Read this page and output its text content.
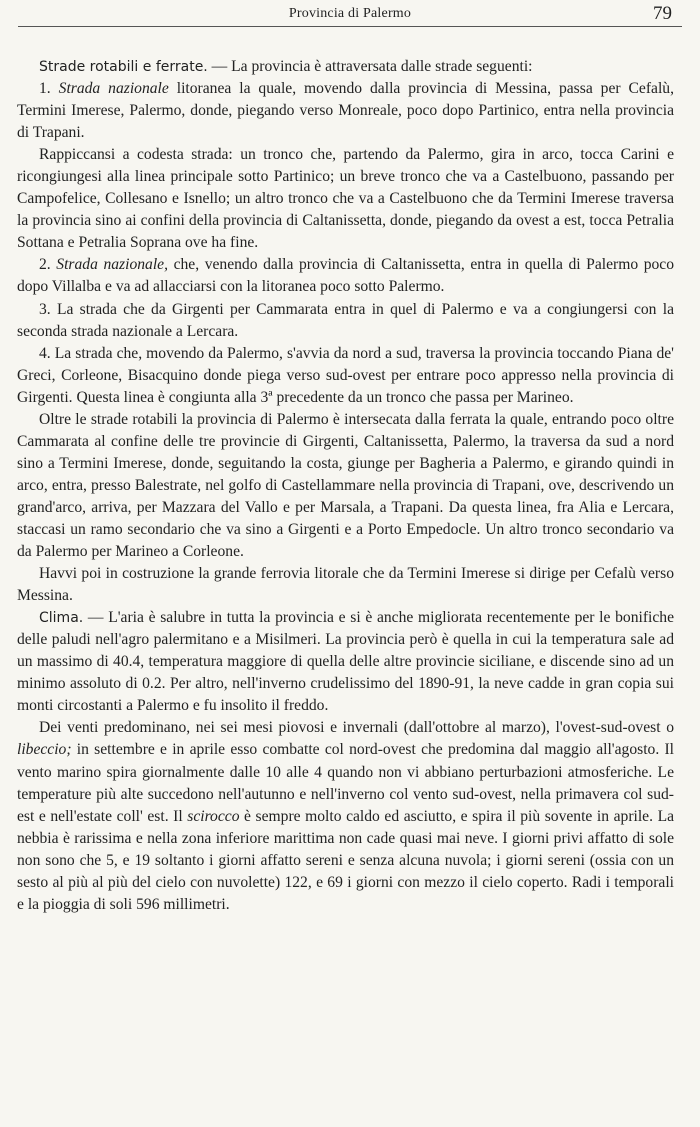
Provincia di Palermo	79

Strade rotabili e ferrate. — La provincia è attraversata dalle strade seguenti:

1. Strada nazionale litoranea la quale, movendo dalla provincia di Messina, passa per Cefalù, Termini Imerese, Palermo, donde, piegando verso Monreale, poco dopo Partinico, entra nella provincia di Trapani.

Rappiccansi a codesta strada: un tronco che, partendo da Palermo, gira in arco, tocca Carini e ricongiungesi alla linea principale sotto Partinico; un breve tronco che va a Castelbuono, passando per Campofelice, Collesano e Isnello; un altro tronco che va a Castelbuono che da Termini Imerese traversa la provincia sino ai confini della provincia di Caltanissetta, donde, piegando da ovest a est, tocca Petralia Sottana e Petralia Soprana ove ha fine.

2. Strada nazionale, che, venendo dalla provincia di Caltanissetta, entra in quella di Palermo poco dopo Villalba e va ad allacciarsi con la litoranea poco sotto Palermo.

3. La strada che da Girgenti per Cammarata entra in quel di Palermo e va a congiungersi con la seconda strada nazionale a Lercara.

4. La strada che, movendo da Palermo, s'avvia da nord a sud, traversa la provincia toccando Piana de' Greci, Corleone, Bisacquino donde piega verso sud-ovest per entrare poco appresso nella provincia di Girgenti. Questa linea è congiunta alla 3ª precedente da un tronco che passa per Marineo.

Oltre le strade rotabili la provincia di Palermo è intersecata dalla ferrata la quale, entrando poco oltre Cammarata al confine delle tre provincie di Girgenti, Caltanissetta, Palermo, la traversa da sud a nord sino a Termini Imerese, donde, seguitando la costa, giunge per Bagheria a Palermo, e girando quindi in arco, entra, presso Balestrate, nel golfo di Castellammare nella provincia di Trapani, ove, descrivendo un grand'arco, arriva, per Mazzara del Vallo e per Marsala, a Trapani. Da questa linea, fra Alia e Lercara, staccasi un ramo secondario che va sino a Girgenti e a Porto Empedocle. Un altro tronco secondario va da Palermo per Marineo a Corleone.

Havvi poi in costruzione la grande ferrovia litorale che da Termini Imerese si dirige per Cefalù verso Messina.

Clima. — L'aria è salubre in tutta la provincia e si è anche migliorata recentemente per le bonifiche delle paludi nell'agro palermitano e a Misilmeri. La provincia però è quella in cui la temperatura sale ad un massimo di 40.4, temperatura maggiore di quella delle altre provincie siciliane, e discende sino ad un minimo assoluto di 0.2. Per altro, nell'inverno crudelissimo del 1890-91, la neve cadde in gran copia sui monti circostanti a Palermo e fu insolito il freddo.

Dei venti predominano, nei sei mesi piovosi e invernali (dall'ottobre al marzo), l'ovest-sud-ovest o libeccio; in settembre e in aprile esso combatte col nord-ovest che predomina dal maggio all'agosto. Il vento marino spira giornalmente dalle 10 alle 4 quando non vi abbiano perturbazioni atmosferiche. Le temperature più alte succedono nell'autunno e nell'inverno col vento sud-ovest, nella primavera col sud-est e nell'estate coll' est. Il scirocco è sempre molto caldo ed asciutto, e spira il più sovente in aprile. La nebbia è rarissima e nella zona inferiore marittima non cade quasi mai neve. I giorni privi affatto di sole non sono che 5, e 19 soltanto i giorni affatto sereni e senza alcuna nuvola; i giorni sereni (ossia con un sesto al più al più del cielo con nuvolette) 122, e 69 i giorni con mezzo il cielo coperto. Radi i temporali e la pioggia di soli 596 millimetri.
